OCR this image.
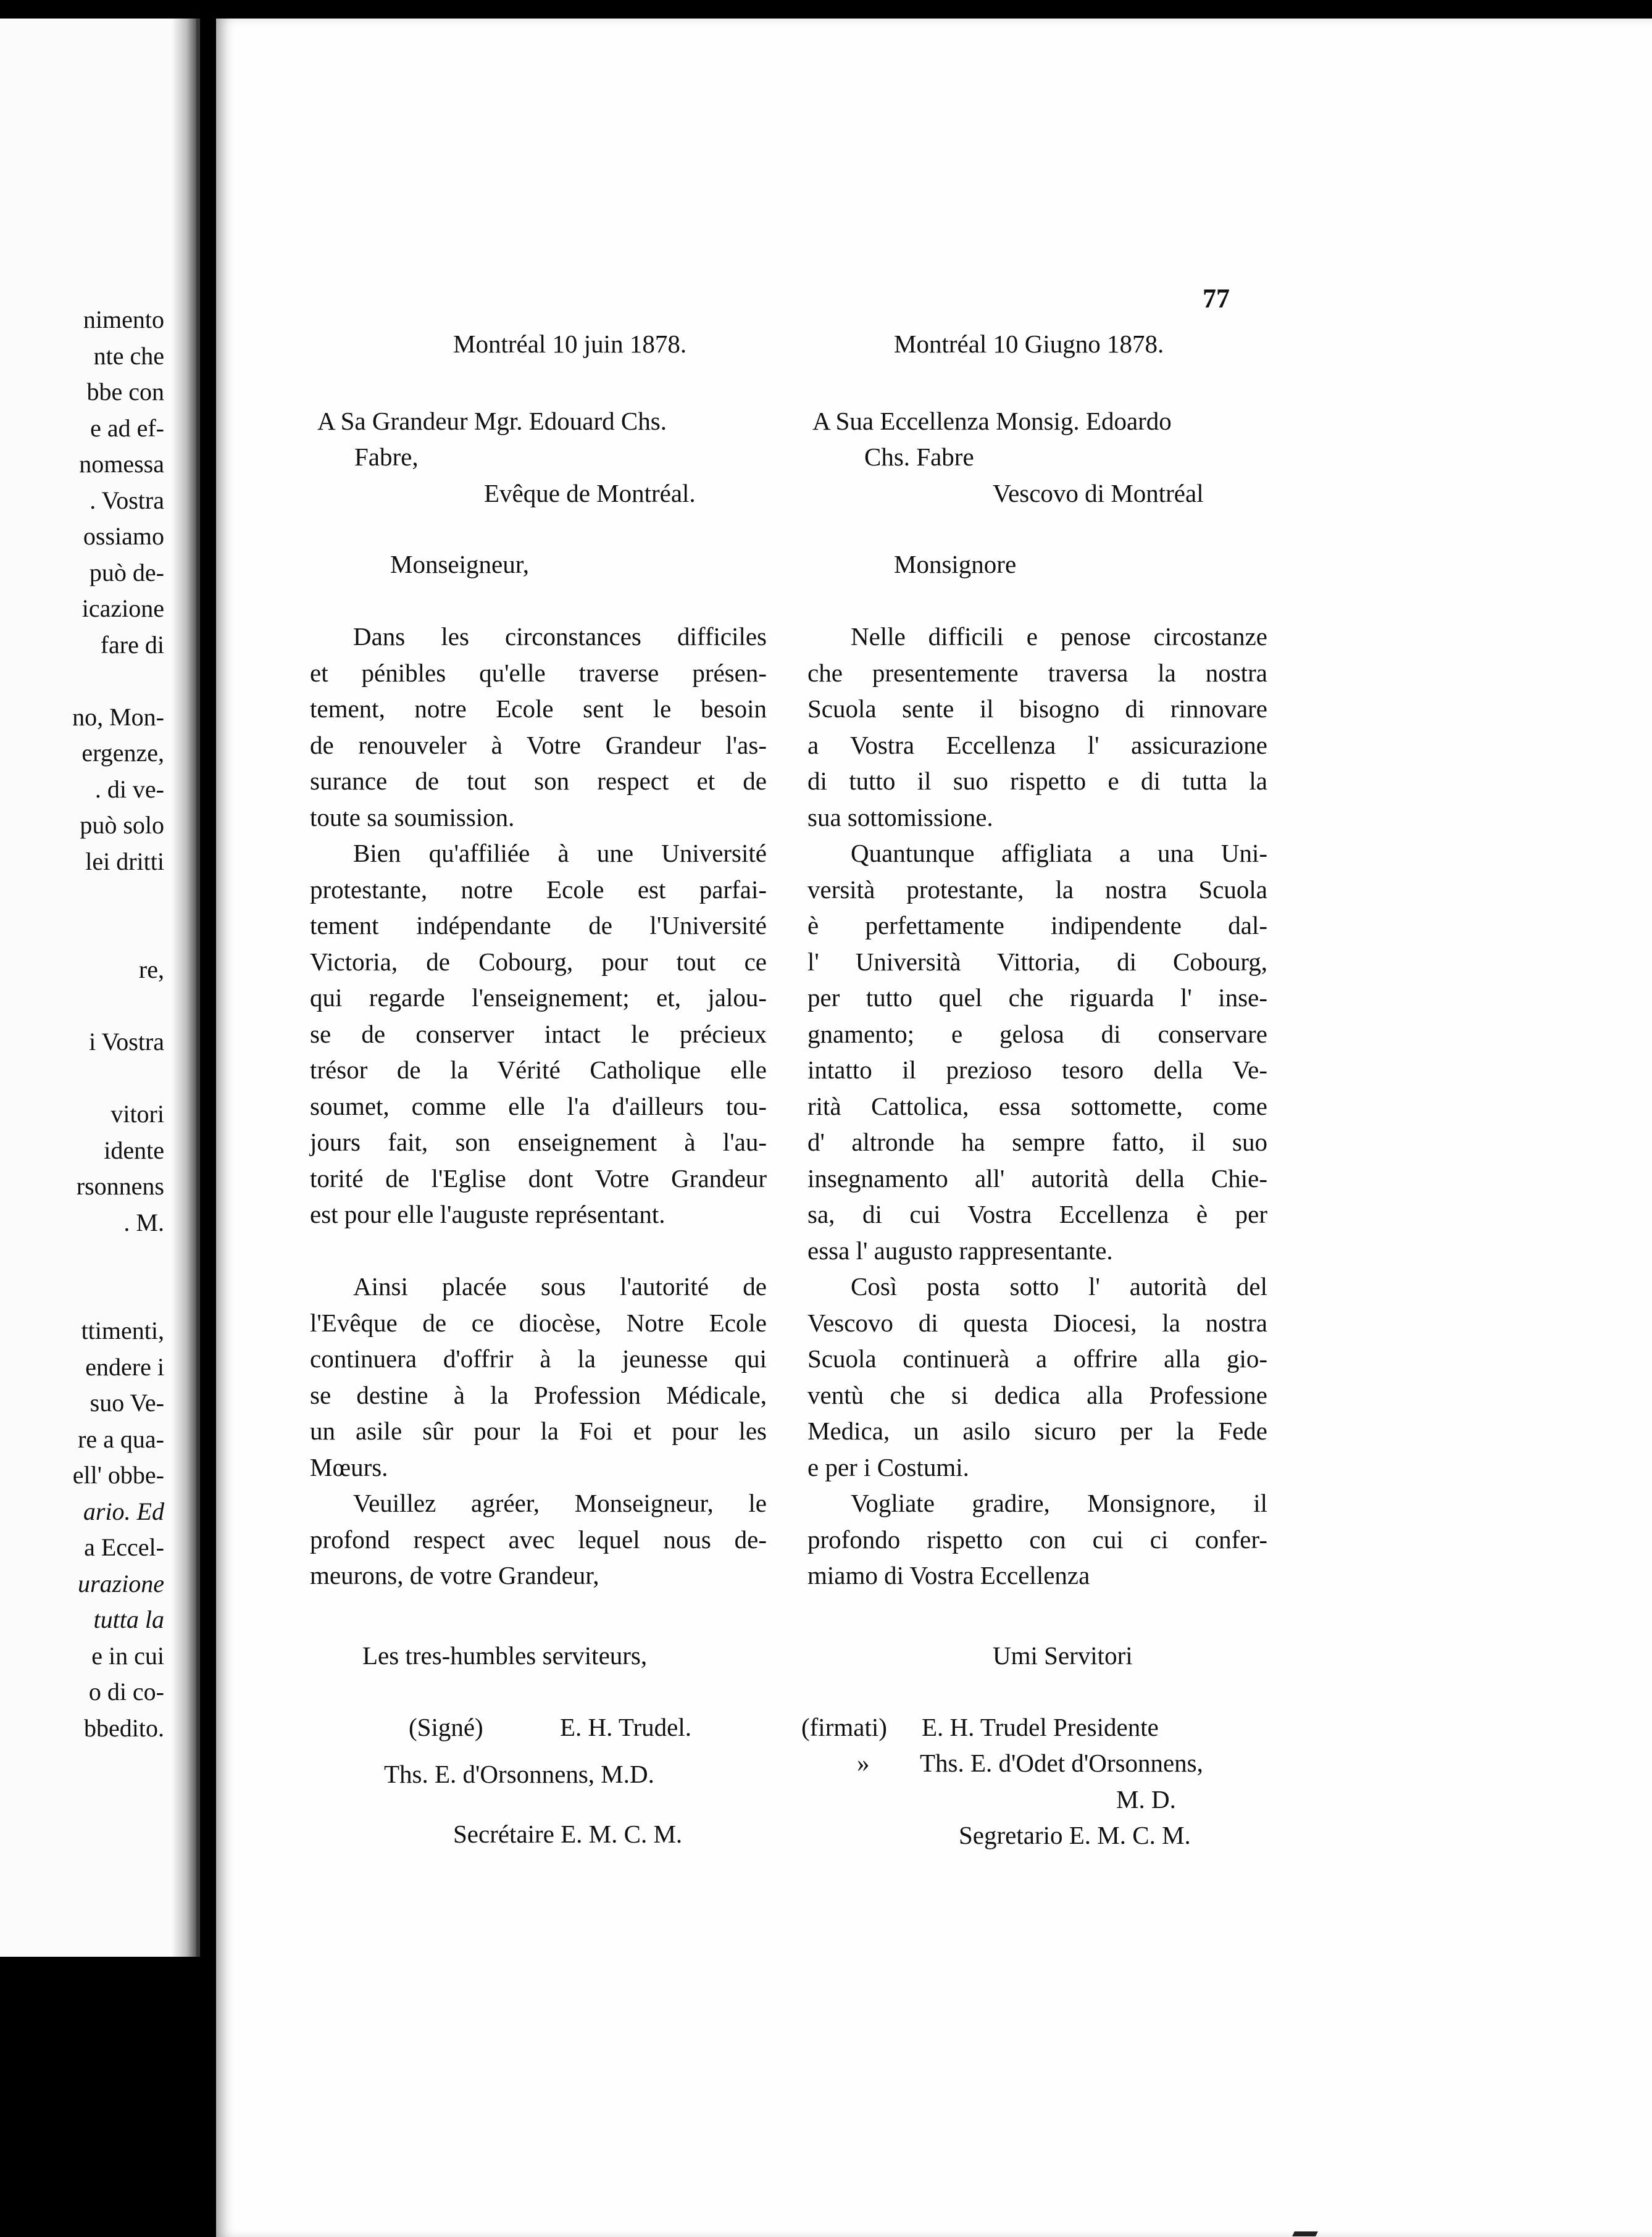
nimento
nte che
bbe con
e ad ef-
nomessa
. Vostra
ossiamo
può de-
icazione
fare di
no, Mon-
ergenze,
. di ve-
può solo
lei dritti
re,
i Vostra
vitori
idente
rsonnens
. M.
ttimenti,
endere i
suo Ve-
re a qua-
ell' obbe-
ario. Ed
a Eccel-
urazione
tutta la
e in cui
o di co-
bbedito.
77
Montréal 10 juin 1878.
A Sa Grandeur Mgr. Edouard Chs.
Fabre,
Evêque de Montréal.
Monseigneur,
Dans les circonstances difficiles
et pénibles qu'elle traverse présen-
tement, notre Ecole sent le besoin
de renouveler à Votre Grandeur l'as-
surance de tout son respect et de
toute sa soumission.
Bien qu'affiliée à une Université
protestante, notre Ecole est parfai-
tement indépendante de l'Université
Victoria, de Cobourg, pour tout ce
qui regarde l'enseignement; et, jalou-
se de conserver intact le précieux
trésor de la Vérité Catholique elle
soumet, comme elle l'a d'ailleurs tou-
jours fait, son enseignement à l'au-
torité de l'Eglise dont Votre Grandeur
est pour elle l'auguste représentant.
Ainsi placée sous l'autorité de
l'Evêque de ce diocèse, Notre Ecole
continuera d'offrir à la jeunesse qui
se destine à la Profession Médicale,
un asile sûr pour la Foi et pour les
Mœurs.
Veuillez agréer, Monseigneur, le
profond respect avec lequel nous de-
meurons, de votre Grandeur,
Les tres-humbles serviteurs,
(Signé)	E. H. Trudel.
Ths. E. d'Orsonnens, M.D.
Secrétaire E. M. C. M.
Montréal 10 Giugno 1878.
A Sua Eccellenza Monsig. Edoardo
Chs. Fabre
Vescovo di Montréal
Monsignore
Nelle difficili e penose circostanze
che presentemente traversa la nostra
Scuola sente il bisogno di rinnovare
a Vostra Eccellenza l' assicurazione
di tutto il suo rispetto e di tutta la
sua sottomissione.
Quantunque affigliata a una Uni-
versità protestante, la nostra Scuola
è perfettamente indipendente dal-
l' Università Vittoria, di Cobourg,
per tutto quel che riguarda l' inse-
gnamento; e gelosa di conservare
intatto il prezioso tesoro della Ve-
rità Cattolica, essa sottomette, come
d' altronde ha sempre fatto, il suo
insegnamento all' autorità della Chie-
sa, di cui Vostra Eccellenza è per
essa l' augusto rappresentante.
Così posta sotto l' autorità del
Vescovo di questa Diocesi, la nostra
Scuola continuerà a offrire alla gio-
ventù che si dedica alla Professione
Medica, un asilo sicuro per la Fede
e per i Costumi.
Vogliate gradire, Monsignore, il
profondo rispetto con cui ci confer-
miamo di Vostra Eccellenza
Umi Servitori
(firmati) E. H. Trudel Presidente
» Ths. E. d'Odet d'Orsonnens,
M. D.
Segretario E. M. C. M.
